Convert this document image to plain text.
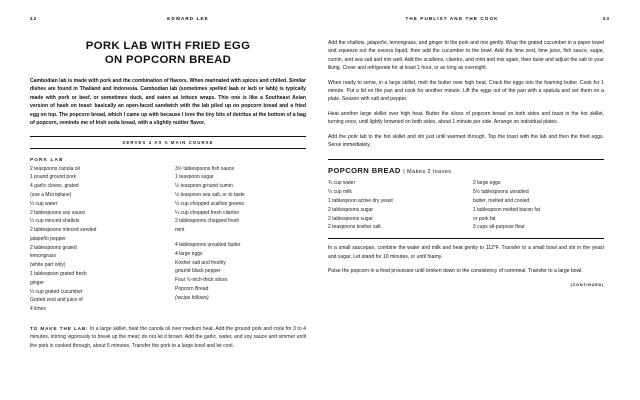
42	EDWARD LEE	THE PUBLIST AND THE COOK	43
PORK LAB WITH FRIED EGG
ON POPCORN BREAD

Cambodian lab is made with pork and the combination of flavors. When marinated with spices and chilled. Similar dishes are found in Thailand and Indonesia. Cambodian lab (sometimes spelled laab or larb or lahb) is typically made with pork or beef, or sometimes duck, and eaten as lettuce wraps. This one is like a Southeast Asian version of hash on toast: basically an open-faced sandwich with the lab piled up on popcorn bread and a fried egg on top. The popcorn bread, which I came up with because I love the tiny bits of detritus at the bottom of a bag of popcorn, reminds me of Irish soda bread, with a slightly nuttier flavor.

SERVES 4 AS A MAIN COURSE
PORK LAB
2 teaspoons canola oil
1 pound ground pork
4 garlic cloves, grated
(use a Microplane)
¼ cup water
2 tablespoons soy sauce
¼ cup minced shallots
2 tablespoons minced seeded
jalapeño pepper
2 tablespoons grated
lemongrass
(white part only)
1 tablespoon grated fresh
ginger
¼ cup grated cucumber
Grated zest and juice of
4 limes
3½ tablespoons fish sauce
1 teaspoon sugar
½ teaspoon ground cumin
½ teaspoon sea salt, or to taste
½ cup chopped scallion greens
¼ cup chopped fresh cilantro
2 tablespoons chopped fresh
mint
4 tablespoons unsalted butter
4 large eggs
Kosher salt and freshly
ground black pepper
Four ½-inch-thick slices
Popcorn Bread
(recipe follows)

TO MAKE THE LAB: In a large skillet, heat the canola oil over medium heat. Add the ground pork and cook for 3 to 4 minutes, stirring vigorously to break up the meat; do not let it brown. Add the garlic, water, and soy sauce and simmer until the pork is cooked through, about 5 minutes. Transfer the pork to a large bowl and let cool.

Add the shallots, jalapeño, lemongrass, and ginger to the pork and mix gently. Wrap the grated cucumber in a paper towel and squeeze out the excess liquid, then add the cucumber to the bowl. Add the lime zest, lime juice, fish sauce, sugar, cumin, and sea salt and mix well. Add the scallions, cilantro, and mint and mix again, then taste and adjust the salt to your liking. Cover and refrigerate for at least 1 hour, or as long as overnight.

When ready to serve, in a large skillet, melt the butter over high heat. Crack the eggs into the foaming butter. Cook for 1 minute. Put a lid on the pan and cook for another minute. Lift the eggs out of the pan with a spatula and set them on a plate. Season with salt and pepper.

Heat another large skillet over high heat. Butter the slices of popcorn bread on both sides and toast in the hot skillet, turning once, until lightly browned on both sides, about 1 minute per side. Arrange on individual plates.

Add the pork lab to the hot skillet and stir just until warmed through. Top the toast with the lab and then the fried eggs. Serve immediately.

POPCORN BREAD | Makes 2 loaves
¾ cup water
½ cup milk
1 tablespoon active dry yeast
2 tablespoons sugar
2 tablespoons sugar
2 teaspoons kosher salt
2 large eggs
5½ tablespoons unsalted
butter, melted and cooled
1 tablespoon melted bacon fat
or pork fat
3 cups all-purpose flour

In a small saucepan, combine the water and milk and heat gently to 112°F. Transfer to a small bowl and stir in the yeast and sugar. Let stand for 10 minutes, or until foamy.

Pulse the popcorn in a food processor until broken down to the consistency of cornmeal. Transfer to a large bowl.

(CONTINUED)
